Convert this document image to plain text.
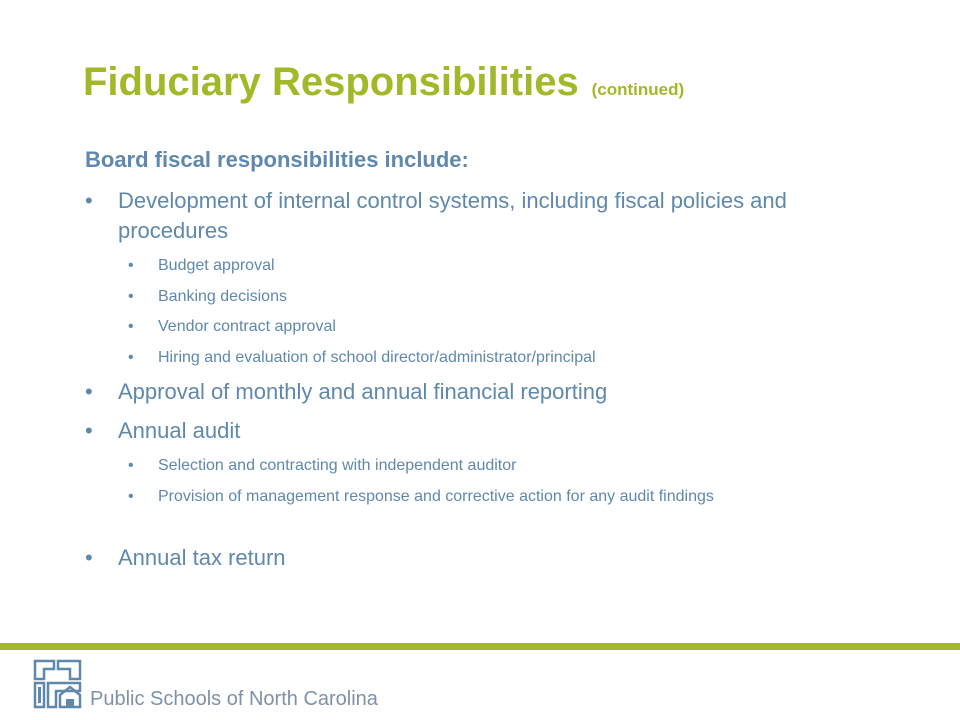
Fiduciary Responsibilities (continued)
Board fiscal responsibilities include:
• Development of internal control systems, including fiscal policies and procedures
• Budget approval
• Banking decisions
• Vendor contract approval
• Hiring and evaluation of school director/administrator/principal
• Approval of monthly and annual financial reporting
• Annual audit
• Selection and contracting with independent auditor
• Provision of management response and corrective action for any audit findings
• Annual tax return
Public Schools of North Carolina
